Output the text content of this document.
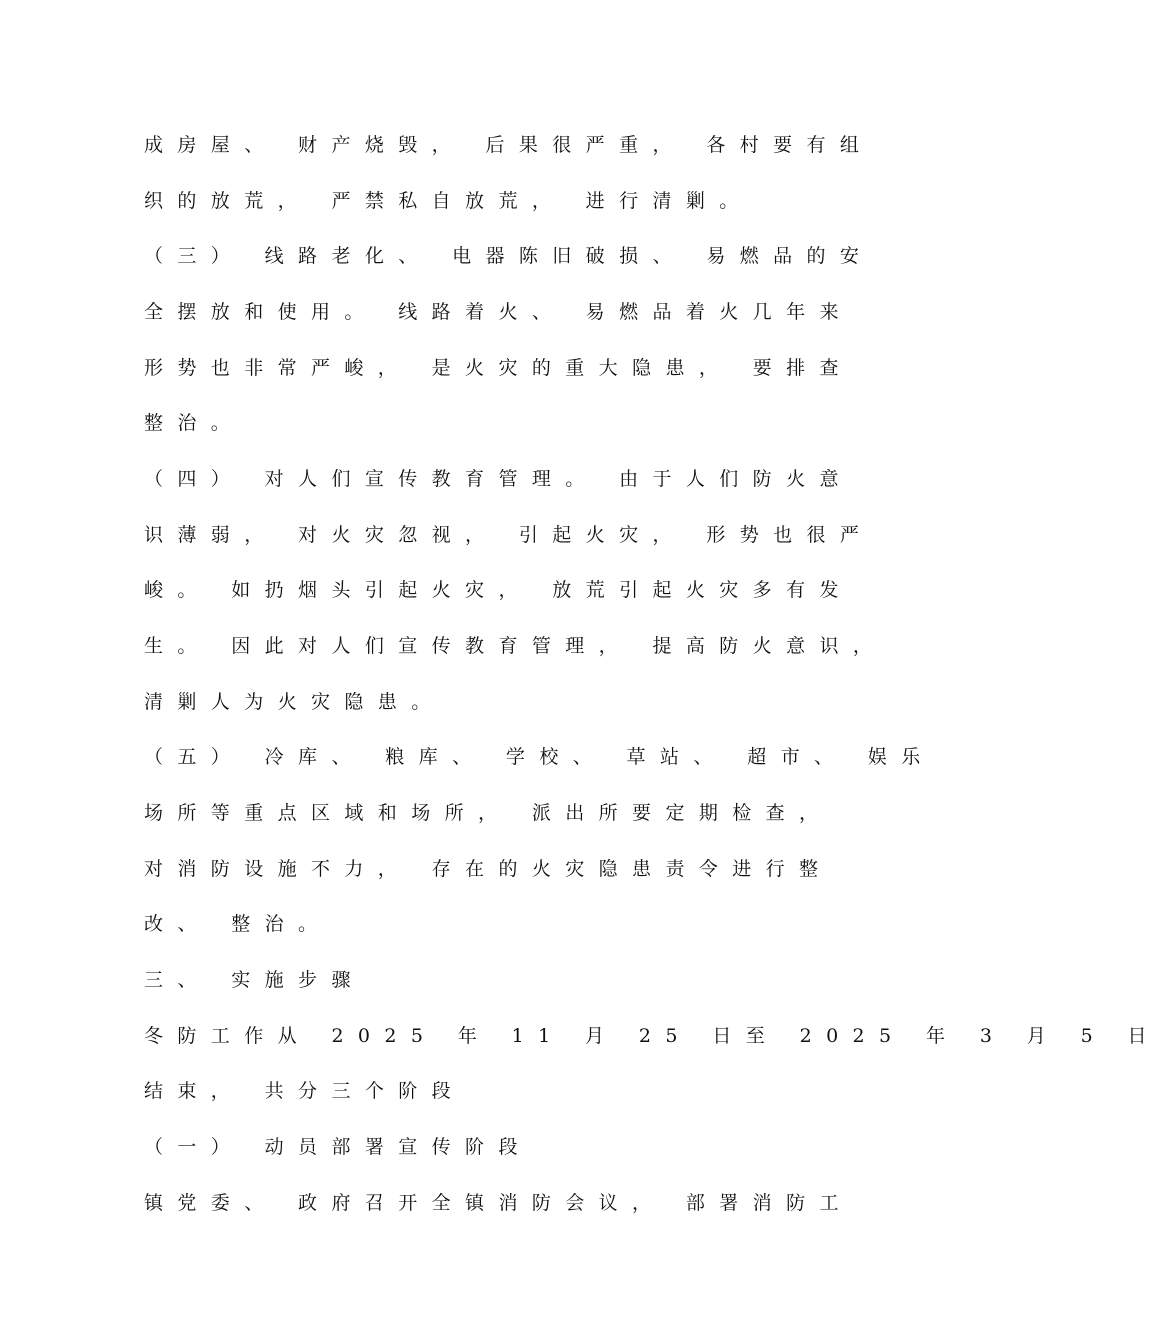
成房屋、 财产烧毁， 后果很严重， 各村要有组
织的放荒， 严禁私自放荒， 进行清剿。
（三） 线路老化、 电器陈旧破损、 易燃品的安
全摆放和使用。 线路着火、 易燃品着火几年来
形势也非常严峻， 是火灾的重大隐患， 要排查
整治。
（四） 对人们宣传教育管理。 由于人们防火意
识薄弱， 对火灾忽视， 引起火灾， 形势也很严
峻。 如扔烟头引起火灾， 放荒引起火灾多有发
生。 因此对人们宣传教育管理， 提高防火意识，
清剿人为火灾隐患。
（五） 冷库、 粮库、 学校、 草站、 超市、 娱乐
场所等重点区域和场所， 派出所要定期检查，
对消防设施不力， 存在的火灾隐患责令进行整
改、 整治。
三、 实施步骤
冬防工作从 2025 年 11 月 25 日至 2025 年 3 月 5 日
结束， 共分三个阶段
（一） 动员部署宣传阶段
镇党委、 政府召开全镇消防会议， 部署消防工
